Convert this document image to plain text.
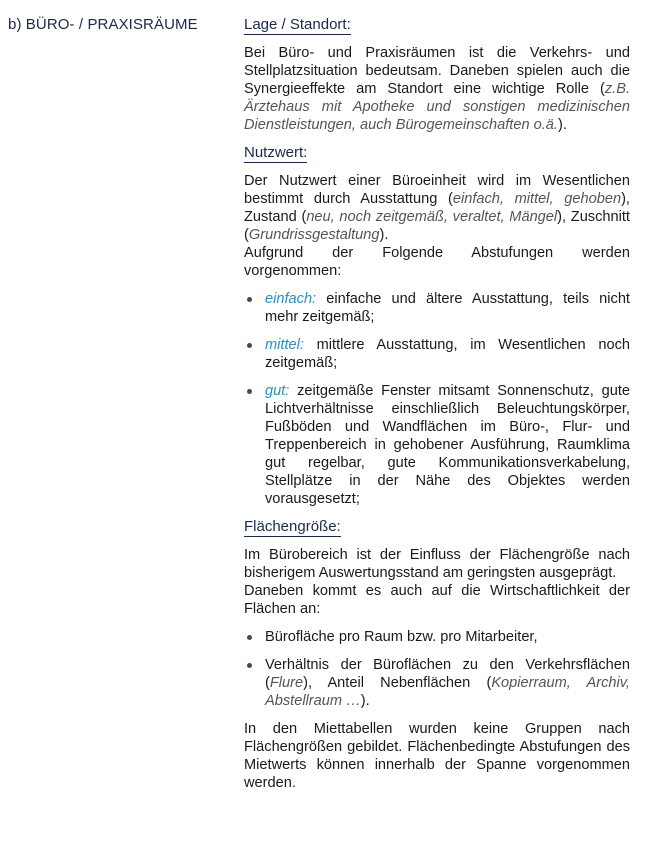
b) BÜRO- / PRAXISRÄUME	Lage / Standort:

Bei Büro- und Praxisräumen ist die Verkehrs- und Stellplatzsituation bedeutsam. Daneben spielen auch die Synergieeffekte am Standort eine wichtige Rolle (z.B. Ärztehaus mit Apotheke und sonstigen medizinischen Dienstleistungen, auch Bürogemeinschaften o.ä.).

Nutzwert:

Der Nutzwert einer Büroeinheit wird im Wesentlichen bestimmt durch Ausstattung (einfach, mittel, gehoben), Zustand (neu, noch zeitgemäß, veraltet, Mängel), Zuschnitt (Grundrissgestaltung).

Aufgrund der Folgende Abstufungen werden vorgenommen:

einfach: einfache und ältere Ausstattung, teils nicht mehr zeitgemäß;
mittel: mittlere Ausstattung, im Wesentlichen noch zeitgemäß;
gut: zeitgemäße Fenster mitsamt Sonnenschutz, gute Lichtverhältnisse einschließlich Beleuchtungskörper, Fußböden und Wandflächen im Büro-, Flur- und Treppenbereich in gehobener Ausführung, Raumklima gut regelbar, gute Kommunikationsverkabelung, Stellplätze in der Nähe des Objektes werden vorausgesetzt;
Flächengröße:

Im Bürobereich ist der Einfluss der Flächengröße nach bisherigem Auswertungsstand am geringsten ausgeprägt.

Daneben kommt es auch auf die Wirtschaftlichkeit der Flächen an:

Bürofläche pro Raum bzw. pro Mitarbeiter,
Verhältnis der Büroflächen zu den Verkehrsflächen (Flure), Anteil Nebenflächen (Kopierraum, Archiv, Abstellraum …).

In den Miettabellen wurden keine Gruppen nach Flächengrößen gebildet. Flächenbedingte Abstufungen des Mietwerts können innerhalb der Spanne vorgenommen werden.
